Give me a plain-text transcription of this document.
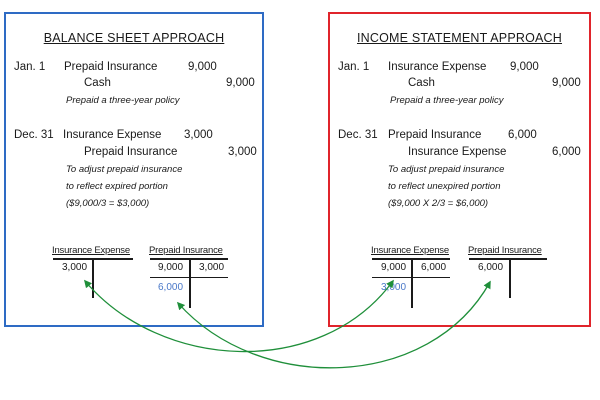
BALANCE SHEET APPROACH
Jan. 1 Prepaid Insurance	9,000
Cash	9,000
Prepaid a three-year policy
Dec. 31 Insurance Expense 3,000
Prepaid Insurance	3,000
To adjust prepaid insurance
to reflect expired portion
($9,000/3 = $3,000)
Insurance Expense
3,000
Prepaid Insurance
9,000 3,000
6,000
INCOME STATEMENT APPROACH
Jan. 1 Insurance Expense 9,000
Cash	9,000
Prepaid a three-year policy
Dec. 31 Prepaid Insurance 6,000
Insurance Expense	6,000
To adjust prepaid insurance
to reflect unexpired portion
($9,000 X 2/3 = $6,000)
Insurance Expense
9,000 6,000
3,000
Prepaid Insurance
6,000
